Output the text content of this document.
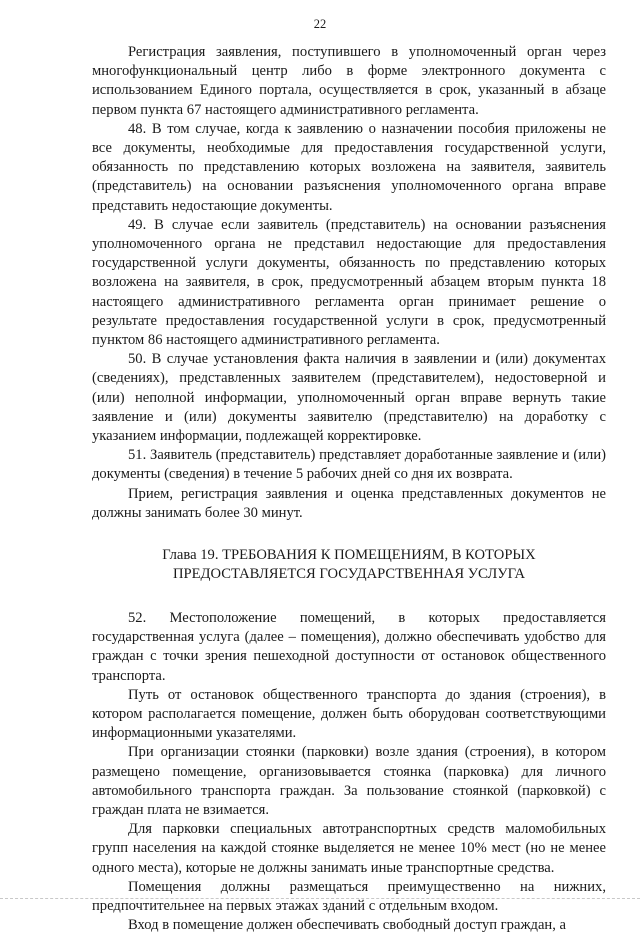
22

Регистрация заявления, поступившего в уполномоченный орган через многофункциональный центр либо в форме электронного документа с использованием Единого портала, осуществляется в срок, указанный в абзаце первом пункта 67 настоящего административного регламента.

48. В том случае, когда к заявлению о назначении пособия приложены не все документы, необходимые для предоставления государственной услуги, обязанность по представлению которых возложена на заявителя, заявитель (представитель) на основании разъяснения уполномоченного органа вправе представить недостающие документы.

49. В случае если заявитель (представитель) на основании разъяснения уполномоченного органа не представил недостающие для предоставления государственной услуги документы, обязанность по представлению которых возложена на заявителя, в срок, предусмотренный абзацем вторым пункта 18 настоящего административного регламента орган принимает решение о результате предоставления государственной услуги в срок, предусмотренный пунктом 86 настоящего административного регламента.

50. В случае установления факта наличия в заявлении и (или) документах (сведениях), представленных заявителем (представителем), недостоверной и (или) неполной информации, уполномоченный орган вправе вернуть такие заявление и (или) документы заявителю (представителю) на доработку с указанием информации, подлежащей корректировке.

51. Заявитель (представитель) представляет доработанные заявление и (или) документы (сведения) в течение 5 рабочих дней со дня их возврата.

Прием, регистрация заявления и оценка представленных документов не должны занимать более 30 минут.

Глава 19. ТРЕБОВАНИЯ К ПОМЕЩЕНИЯМ, В КОТОРЫХ
ПРЕДОСТАВЛЯЕТСЯ ГОСУДАРСТВЕННАЯ УСЛУГА

52. Местоположение помещений, в которых предоставляется государственная услуга (далее – помещения), должно обеспечивать удобство для граждан с точки зрения пешеходной доступности от остановок общественного транспорта.

Путь от остановок общественного транспорта до здания (строения), в котором располагается помещение, должен быть оборудован соответствующими информационными указателями.

При организации стоянки (парковки) возле здания (строения), в котором размещено помещение, организовывается стоянка (парковка) для личного автомобильного транспорта граждан. За пользование стоянкой (парковкой) с граждан плата не взимается.

Для парковки специальных автотранспортных средств маломобильных групп населения на каждой стоянке выделяется не менее 10% мест (но не менее одного места), которые не должны занимать иные транспортные средства.

Помещения должны размещаться преимущественно на нижних, предпочтительнее на первых этажах зданий с отдельным входом.

Вход в помещение должен обеспечивать свободный доступ граждан, а
